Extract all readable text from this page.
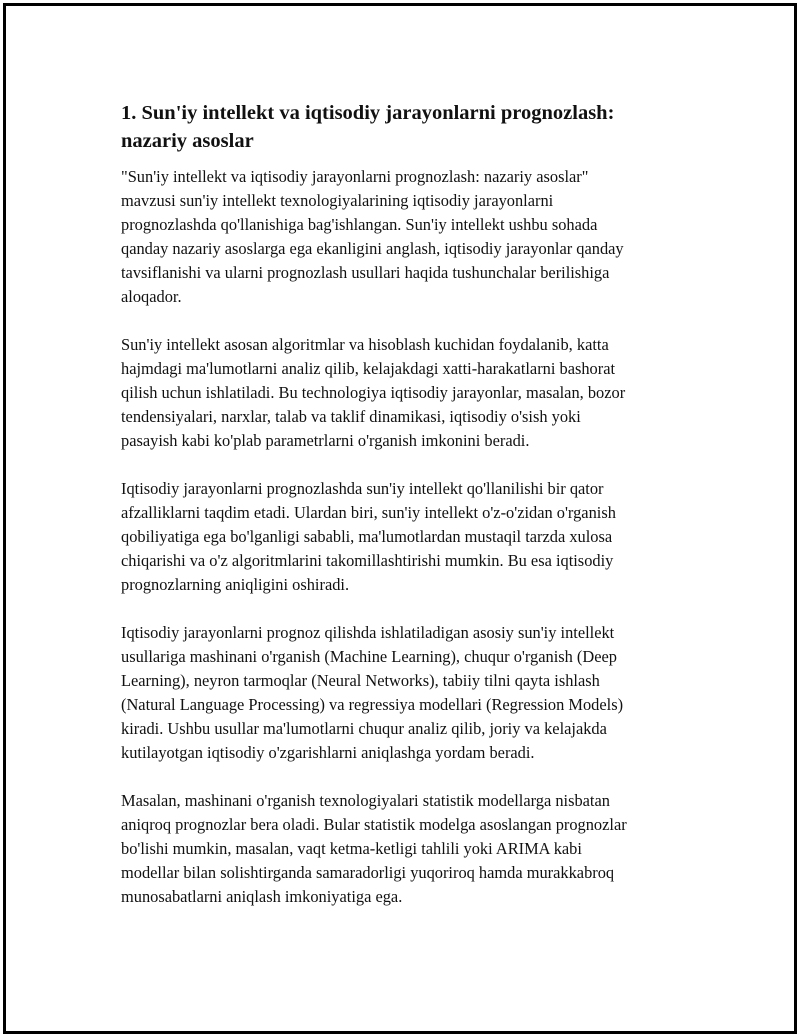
1. Sun'iy intellekt va iqtisodiy jarayonlarni prognozlash:
nazariy asoslar

"Sun'iy intellekt va iqtisodiy jarayonlarni prognozlash: nazariy asoslar"
mavzusi sun'iy intellekt texnologiyalarining iqtisodiy jarayonlarni
prognozlashda qo'llanishiga bag'ishlangan. Sun'iy intellekt ushbu sohada
qanday nazariy asoslarga ega ekanligini anglash, iqtisodiy jarayonlar qanday
tavsiflanishi va ularni prognozlash usullari haqida tushunchalar berilishiga
aloqador.

Sun'iy intellekt asosan algoritmlar va hisoblash kuchidan foydalanib, katta
hajmdagi ma'lumotlarni analiz qilib, kelajakdagi xatti-harakatlarni bashorat
qilish uchun ishlatiladi. Bu technologiya iqtisodiy jarayonlar, masalan, bozor
tendensiyalari, narxlar, talab va taklif dinamikasi, iqtisodiy o'sish yoki
pasayish kabi ko'plab parametrlarni o'rganish imkonini beradi.

Iqtisodiy jarayonlarni prognozlashda sun'iy intellekt qo'llanilishi bir qator
afzalliklarni taqdim etadi. Ulardan biri, sun'iy intellekt o'z-o'zidan o'rganish
qobiliyatiga ega bo'lganligi sababli, ma'lumotlardan mustaqil tarzda xulosa
chiqarishi va o'z algoritmlarini takomillashtirishi mumkin. Bu esa iqtisodiy
prognozlarning aniqligini oshiradi.

Iqtisodiy jarayonlarni prognoz qilishda ishlatiladigan asosiy sun'iy intellekt
usullariga mashinani o'rganish (Machine Learning), chuqur o'rganish (Deep
Learning), neyron tarmoqlar (Neural Networks), tabiiy tilni qayta ishlash
(Natural Language Processing) va regressiya modellari (Regression Models)
kiradi. Ushbu usullar ma'lumotlarni chuqur analiz qilib, joriy va kelajakda
kutilayotgan iqtisodiy o'zgarishlarni aniqlashga yordam beradi.

Masalan, mashinani o'rganish texnologiyalari statistik modellarga nisbatan
aniqroq prognozlar bera oladi. Bular statistik modelga asoslangan prognozlar
bo'lishi mumkin, masalan, vaqt ketma-ketligi tahlili yoki ARIMA kabi
modellar bilan solishtirganda samaradorligi yuqoriroq hamda murakkabroq
munosabatlarni aniqlash imkoniyatiga ega.
